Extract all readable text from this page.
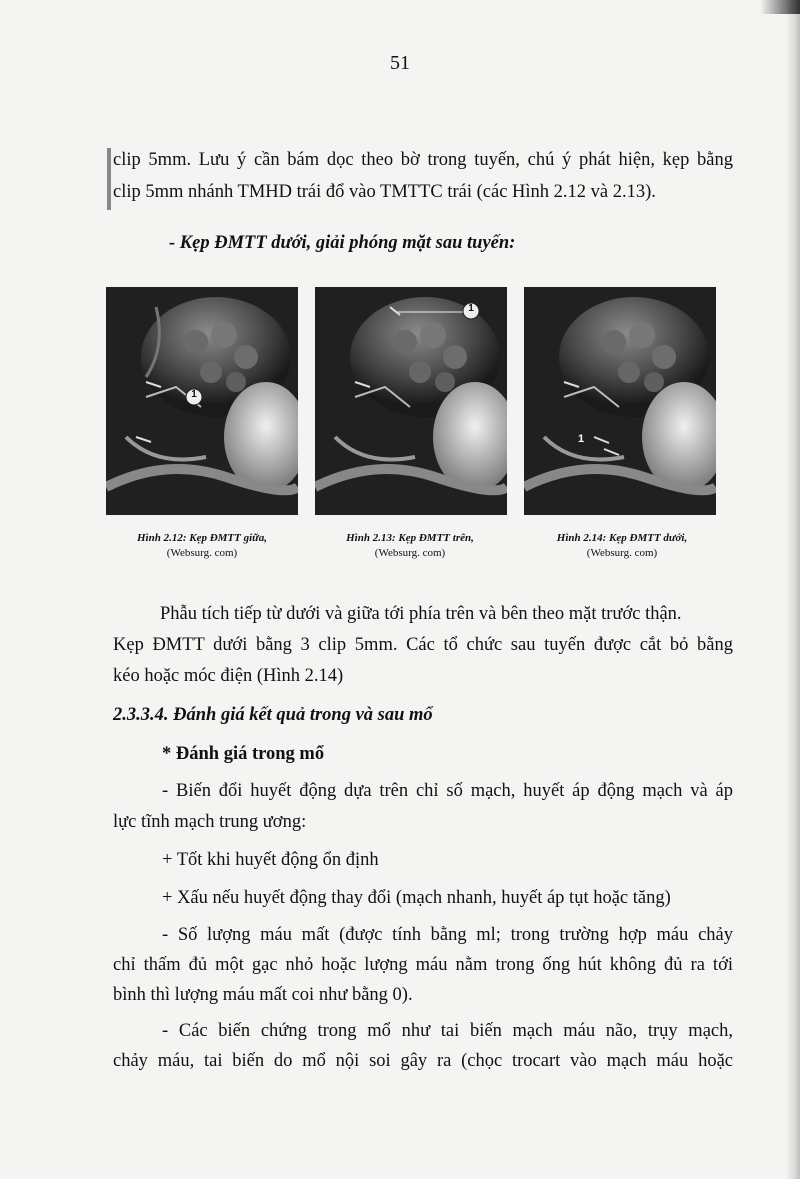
51
clip 5mm. Lưu ý cần bám dọc theo bờ trong tuyến, chú ý phát hiện, kẹp bằng
clip 5mm nhánh TMHD trái đổ vào TMTTC trái (các Hình 2.12 và 2.13).
- Kẹp ĐMTT dưới, giải phóng mặt sau tuyến:
1
1
1
Hình 2.12: Kẹp ĐMTT giữa,
(Websurg. com)
Hình 2.13: Kẹp ĐMTT trên,
(Websurg. com)
Hình 2.14: Kẹp ĐMTT dưới,
(Websurg. com)
Phẫu tích tiếp từ dưới và giữa tới phía trên và bên theo mặt trước thận.
Kẹp ĐMTT dưới bằng 3 clip 5mm. Các tổ chức sau tuyến được cắt bỏ bằng
kéo hoặc móc điện (Hình 2.14)
2.3.3.4. Đánh giá kết quả trong và sau mổ
* Đánh giá trong mổ
- Biến đổi huyết động dựa trên chỉ số mạch, huyết áp động mạch và áp
lực tĩnh mạch trung ương:
+ Tốt khi huyết động ổn định
+ Xấu nếu huyết động thay đổi (mạch nhanh, huyết áp tụt hoặc tăng)
- Số lượng máu mất (được tính bằng ml; trong trường hợp máu chảy
chỉ thấm đủ một gạc nhỏ hoặc lượng máu nằm trong ống hút không đủ ra tới
bình thì lượng máu mất coi như bằng 0).
- Các biến chứng trong mổ như tai biến mạch máu não, trụy mạch,
chảy máu, tai biến do mổ nội soi gây ra (chọc trocart vào mạch máu hoặc
